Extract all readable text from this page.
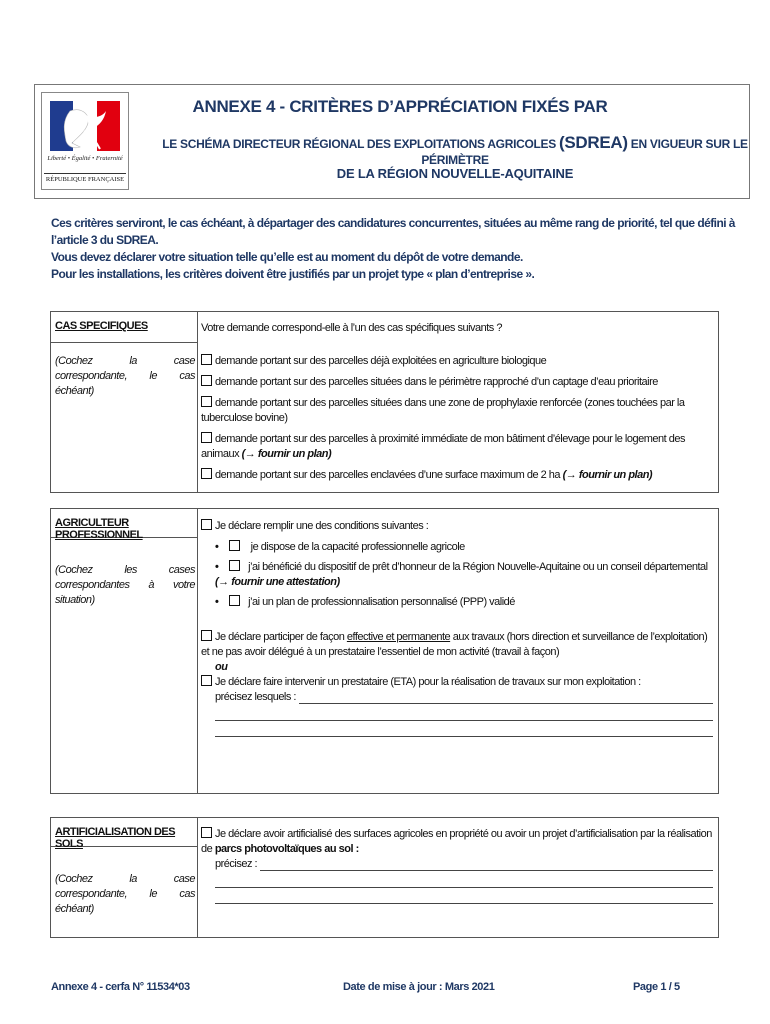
Liberté • Égalité • Fraternité
RÉPUBLIQUE FRANÇAISE
ANNEXE 4 - CRITÈRES D’APPRÉCIATION FIXÉS PAR
LE SCHÉMA DIRECTEUR RÉGIONAL DES EXPLOITATIONS AGRICOLES (SDREA) EN VIGUEUR SUR LE PÉRIMÈTRE
DE LA RÉGION NOUVELLE-AQUITAINE

Ces critères serviront, le cas échéant, à départager des candidatures concurrentes, situées au même rang de priorité, tel que défini à l’article 3 du SDREA.

Vous devez déclarer votre situation telle qu’elle est au moment du dépôt de votre demande.

Pour les installations, les critères doivent être justifiés par un projet type « plan d’entreprise ».

CAS SPECIFIQUES
(Cochez la case correspondante, le cas échéant)
Votre demande correspond-elle à l’un des cas spécifiques suivants ?
demande portant sur des parcelles déjà exploitées en agriculture biologique
demande portant sur des parcelles situées dans le périmètre rapproché d’un captage d’eau prioritaire
demande portant sur des parcelles situées dans une zone de prophylaxie renforcée (zones touchées par la tuberculose bovine)
demande portant sur des parcelles à proximité immédiate de mon bâtiment d’élevage pour le logement des animaux (→ fournir un plan)
demande portant sur des parcelles enclavées d’une surface maximum de 2 ha (→ fournir un plan)
AGRICULTEUR PROFESSIONNEL
(Cochez les cases correspondantes à votre situation)
Je déclare remplir une des conditions suivantes :
•	je dispose de la capacité professionnelle agricole
•	j’ai bénéficié du dispositif de prêt d’honneur de la Région Nouvelle-Aquitaine ou un conseil départemental (→ fournir une attestation)
•	j’ai un plan de professionnalisation personnalisé (PPP) validé
Je déclare participer de façon effective et permanente aux travaux (hors direction et surveillance de l’exploitation) et ne pas avoir délégué à un prestataire l’essentiel de mon activité (travail à façon)
ou
Je déclare faire intervenir un prestataire (ETA) pour la réalisation de travaux sur mon exploitation :
précisez lesquels :
ARTIFICIALISATION DES SOLS
(Cochez la case correspondante, le cas échéant)
Je déclare avoir artificialisé des surfaces agricoles en propriété ou avoir un projet d’artificialisation par la réalisation de parcs photovoltaïques au sol :
précisez :
Annexe 4 - cerfa N° 11534*03	Date de mise à jour : Mars 2021	Page 1 / 5
